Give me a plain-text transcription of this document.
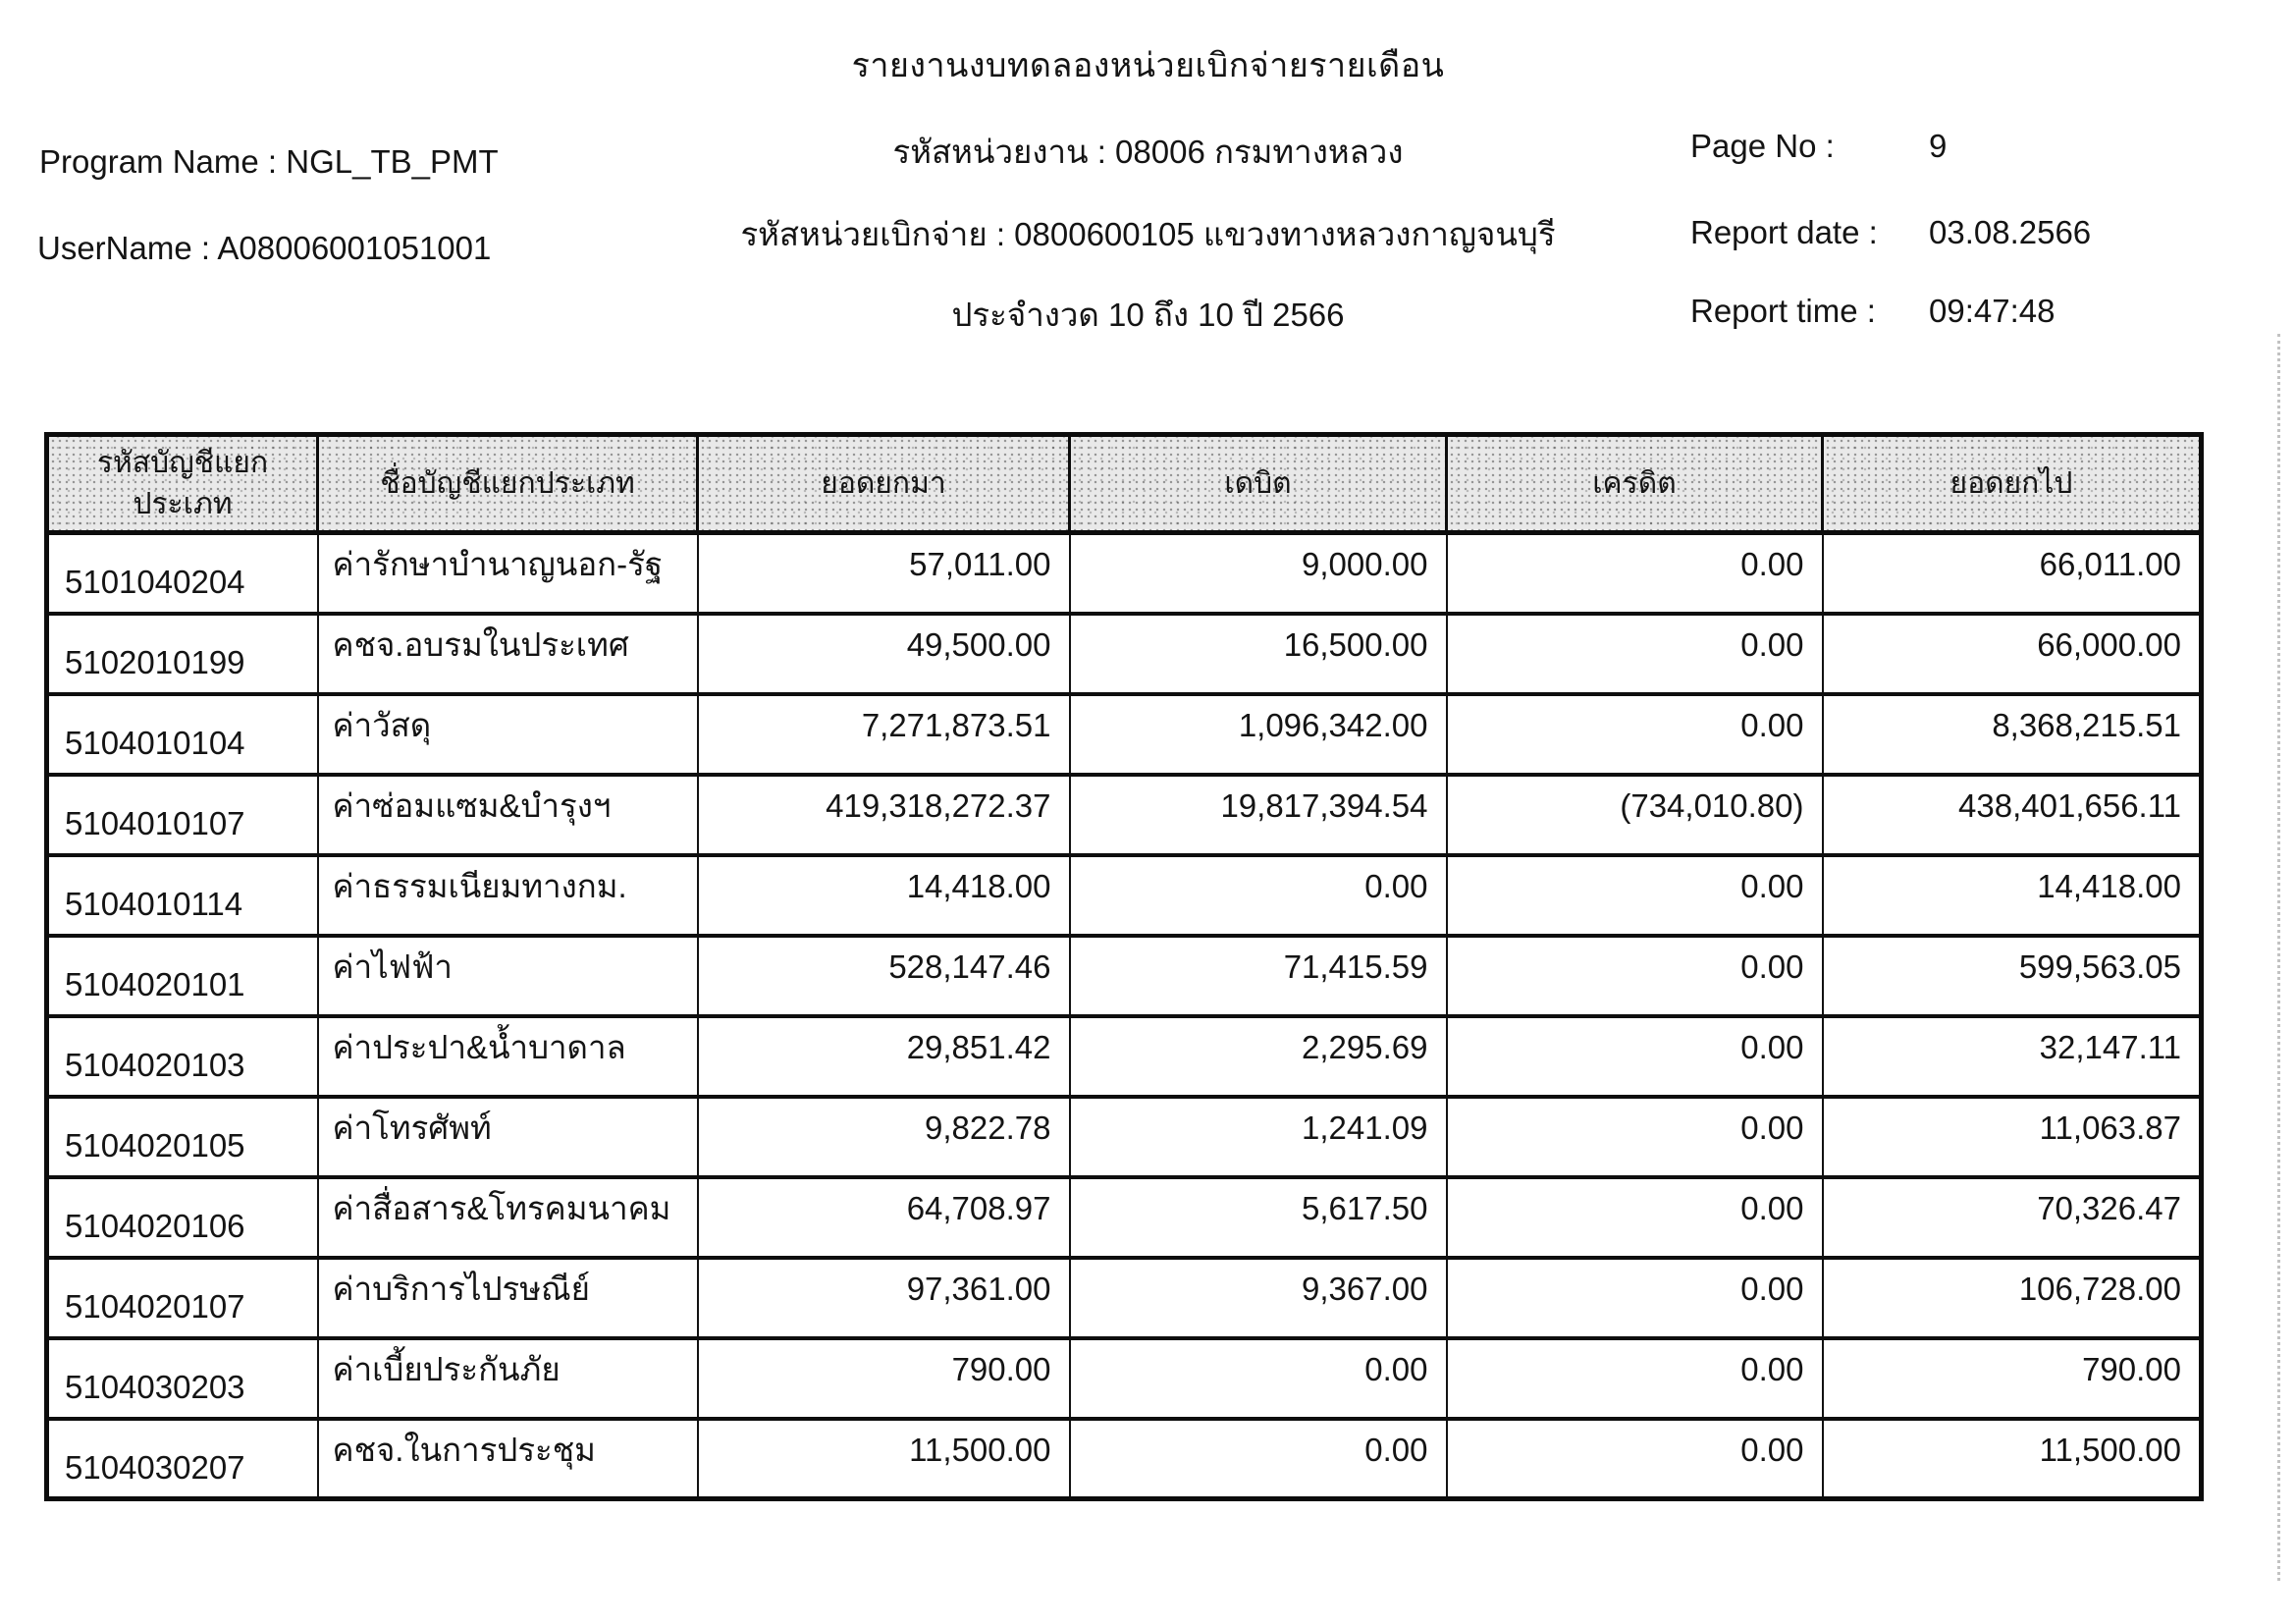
รายงานงบทดลองหน่วยเบิกจ่ายรายเดือน
Program Name : NGL_TB_PMT
UserName : A08006001051001
รหัสหน่วยงาน : 08006 กรมทางหลวง
รหัสหน่วยเบิกจ่าย : 0800600105 แขวงทางหลวงกาญจนบุรี
ประจำงวด 10 ถึง 10 ปี 2566
Page No :	9
Report date : 03.08.2566
Report time : 09:47:48
รหัสบัญชีแยกประเภท	ชื่อบัญชีแยกประเภท	ยอดยกมา	เดบิต	เครดิต	ยอดยกไป
5101040204	ค่ารักษาบำนาญนอก-รัฐ	57,011.00	9,000.00	0.00	66,011.00
5102010199	คชจ.อบรมในประเทศ	49,500.00	16,500.00	0.00	66,000.00
5104010104	ค่าวัสดุ	7,271,873.51	1,096,342.00	0.00	8,368,215.51
5104010107	ค่าซ่อมแซม&บำรุงฯ	419,318,272.37	19,817,394.54	(734,010.80)	438,401,656.11
5104010114	ค่าธรรมเนียมทางกม.	14,418.00	0.00	0.00	14,418.00
5104020101	ค่าไฟฟ้า	528,147.46	71,415.59	0.00	599,563.05
5104020103	ค่าประปา&น้ำบาดาล	29,851.42	2,295.69	0.00	32,147.11
5104020105	ค่าโทรศัพท์	9,822.78	1,241.09	0.00	11,063.87
5104020106	ค่าสื่อสาร&โทรคมนาคม	64,708.97	5,617.50	0.00	70,326.47
5104020107	ค่าบริการไปรษณีย์	97,361.00	9,367.00	0.00	106,728.00
5104030203	ค่าเบี้ยประกันภัย	790.00	0.00	0.00	790.00
5104030207	คชจ.ในการประชุม	11,500.00	0.00	0.00	11,500.00
